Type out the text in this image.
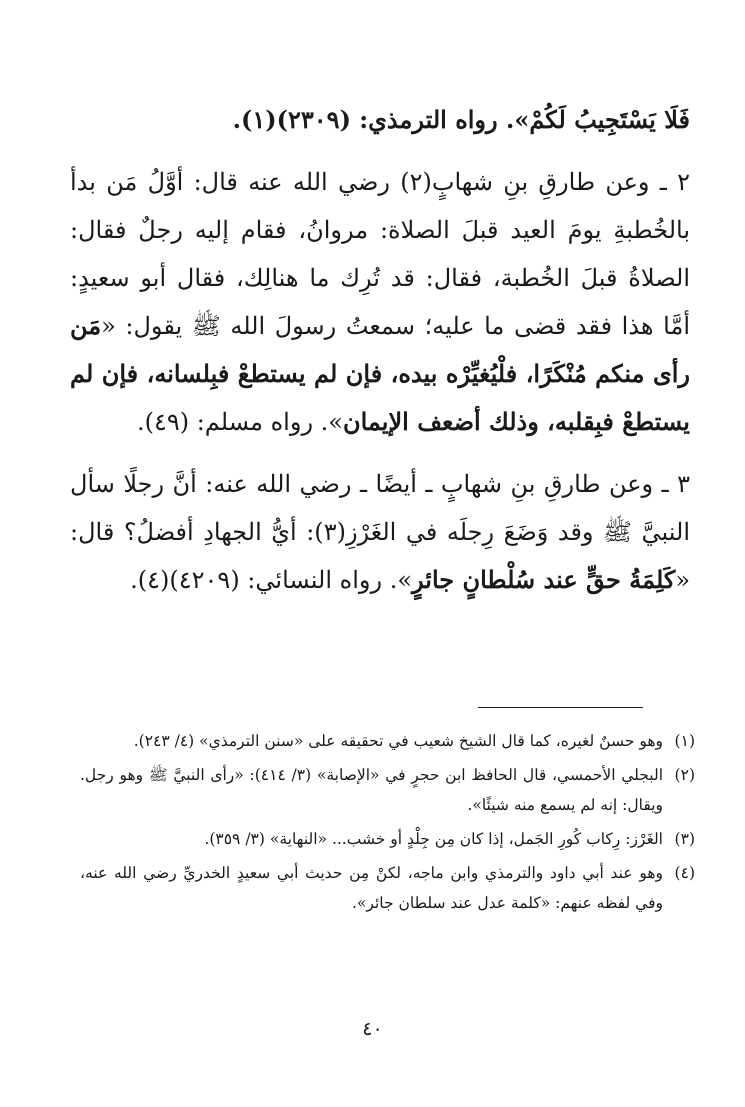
فَلَا يَسْتَجِيبُ لَكُمْ». رواه الترمذي: (٢٣٠٩)(١).

٢ ـ وعن طارقِ بنِ شهابٍ(٢) رضي الله عنه قال: أوَّلُ مَن بدأ بالخُطبةِ يومَ العيد قبلَ الصلاة: مروانُ، فقام إليه رجلٌ فقال: الصلاةُ قبلَ الخُطبة، فقال: قد تُرِك ما هنالِك، فقال أبو سعيدٍ: أمَّا هذا فقد قضى ما عليه؛ سمعتُ رسولَ الله ﷺ يقول: «مَن رأى منكم مُنْكَرًا، فلْيُغيِّرْه بيده، فإن لم يستطعْ فبِلسانه، فإن لم يستطعْ فبِقلبه، وذلك أضعف الإيمان». رواه مسلم: (٤٩).

٣ ـ وعن طارقِ بنِ شهابٍ ـ أيضًا ـ رضي الله عنه: أنَّ رجلًا سأل النبيَّ ﷺ وقد وَضَعَ رِجلَه في الغَرْزِ(٣): أيُّ الجهادِ أفضلُ؟ قال: «كَلِمَةُ حقٍّ عند سُلْطانٍ جائرٍ». رواه النسائي: (٤٢٠٩)(٤).

(١)
وهو حسنٌ لغيره، كما قال الشيخ شعيب في تحقيقه على «سنن الترمذي» (٤/ ٢٤٣).
(٢)
البجلي الأحمسي، قال الحافظ ابن حجرٍ في «الإصابة» (٣/ ٤١٤): «رأى النبيَّ ﷺ وهو رجل. ويقال: إنه لم يسمع منه شيئًا».
(٣)
الغَرْز: رِكاب كُورِ الجَمل، إذا كان مِن جِلْدٍ أو خشب... «النهاية» (٣/ ٣٥٩).
(٤)
وهو عند أبي داود والترمذي وابن ماجه، لكنْ مِن حديث أبي سعيدٍ الخدريِّ رضي الله عنه، وفي لفظه عنهم: «كلمة عدل عند سلطان جائر».
٤٠
